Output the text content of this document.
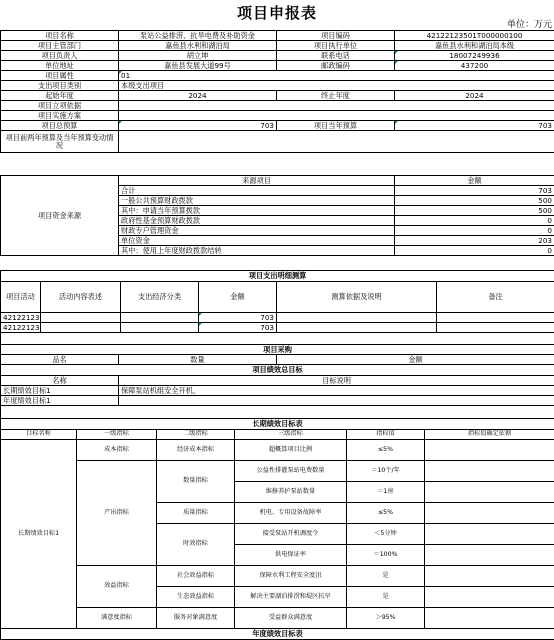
项目申报表
单位：万元
项目名称	泵站公益排涝、抗旱电费及补助资金	项目编码	42122123501T000000100
项目主管部门	嘉鱼县水利和湖泊局	项目执行单位	嘉鱼县水利和湖泊局本级
项目负责人	胡立坤	联系电话	18007249936
单位地址	嘉鱼县发展大道99号	邮政编码	437200
项目属性	01		
支出项目类别	本级支出项目		
起始年度	2024	终止年度	2024
项目立项依据			
项目实施方案			
项目总预算	703	项目当年预算	703
项目前两年预算及当年预算变动情况			
项目资金来源	来源项目	金额
	合计	703
	一般公共预算财政拨款	500
	其中：申请当年预算拨款	500
	政府性基金预算财政拨款	0
	财政专户管理资金	0
	单位资金	203
	其中：使用上年度财政拨款结转	0
项目支出明细测算					
项目活动	活动内容表述	支出经济分类	金额	测算依据及说明	备注
42122123			703		
42122123			703		

项目采购
品名	数量	金额
项目绩效总目标	
名称	目标说明
长期绩效目标1	保障泵站机组安全开机。
年度绩效目标1	

长期绩效目标表					
目标名称	一级指标	二级指标	三级指标	指标值	指标值确定依据
长期绩效目标1	成本指标	经济成本指标	超概算项目比例	≤5%	
	产出指标	数量指标	公益性排灌泵站电费数量	＝10个/年	
			维修养护泵站数量	＝1座	
		质量指标	机电、专用设备故障率	≤5%	
		时效指标	接受泵站开机调度令	＜5分钟	
			供电保证率	＝100%	
	效益指标	社会效益指标	保障水利工程安全度汛	是	
		生态效益指标	解决主要湖泊排涝和堤区抗旱	是	
	满意度指标	服务对象满意度	受益群众满意度	＞95%	
年度绩效目标表					
